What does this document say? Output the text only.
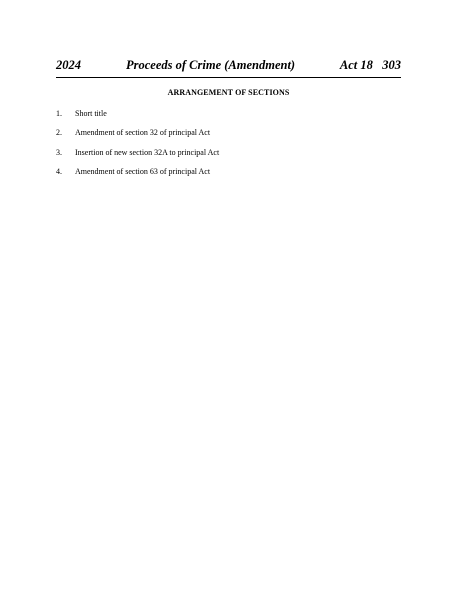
2024	Proceeds of Crime (Amendment)	Act 18   303
ARRANGEMENT OF SECTIONS
1. Short title
2. Amendment of section 32 of principal Act
3. Insertion of new section 32A to principal Act
4. Amendment of section 63 of principal Act
